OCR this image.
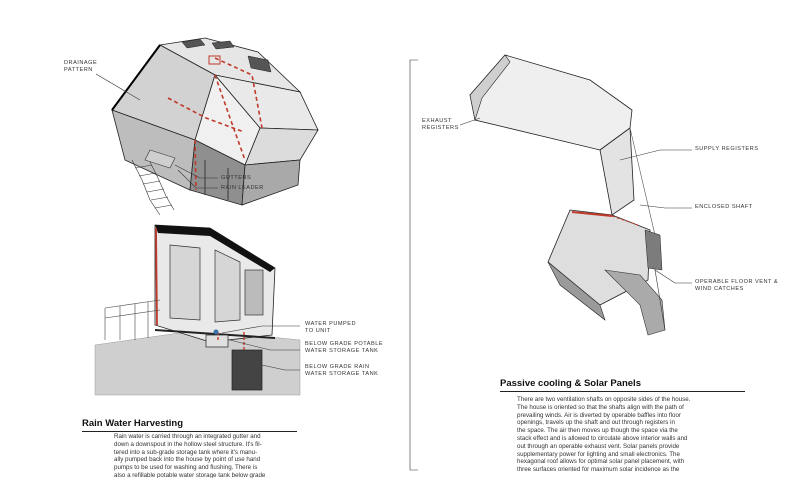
DRAINAGE
PATTERN
GUTTERS
RAIN LEADER
WATER PUMPED
TO UNIT
BELOW GRADE POTABLE
WATER STORAGE TANK
BELOW GRADE RAIN
WATER STORAGE TANK
EXHAUST
REGISTERS
SUPPLY REGISTERS
ENCLOSED SHAFT
OPERABLE FLOOR VENT &
WIND CATCHES
Rain Water Harvesting

Rain water is carried through an integrated gutter and

down a downspout in the hollow steel structure. It's fil-

tered into a sub-grade storage tank where it's manu-

ally pumped back into the house by point of use hand

pumps to be used for washing and flushing. There is

also a refillable potable water storage tank below grade

Passive cooling & Solar Panels

There are two ventilation shafts on opposite sides of the house.

The house is oriented so that the shafts align with the path of

prevailing winds. Air is diverted by operable baffles into floor

openings, travels up the shaft and out through registers in

the space. The air then moves up though the space via the

stack effect and is allowed to circulate above interior walls and

out through an operable exhaust vent. Solar panels provide

supplementary power for lighting and small electronics. The

hexagonal roof allows for optimal solar panel placement, with

three surfaces oriented for maximum solar incidence as the
